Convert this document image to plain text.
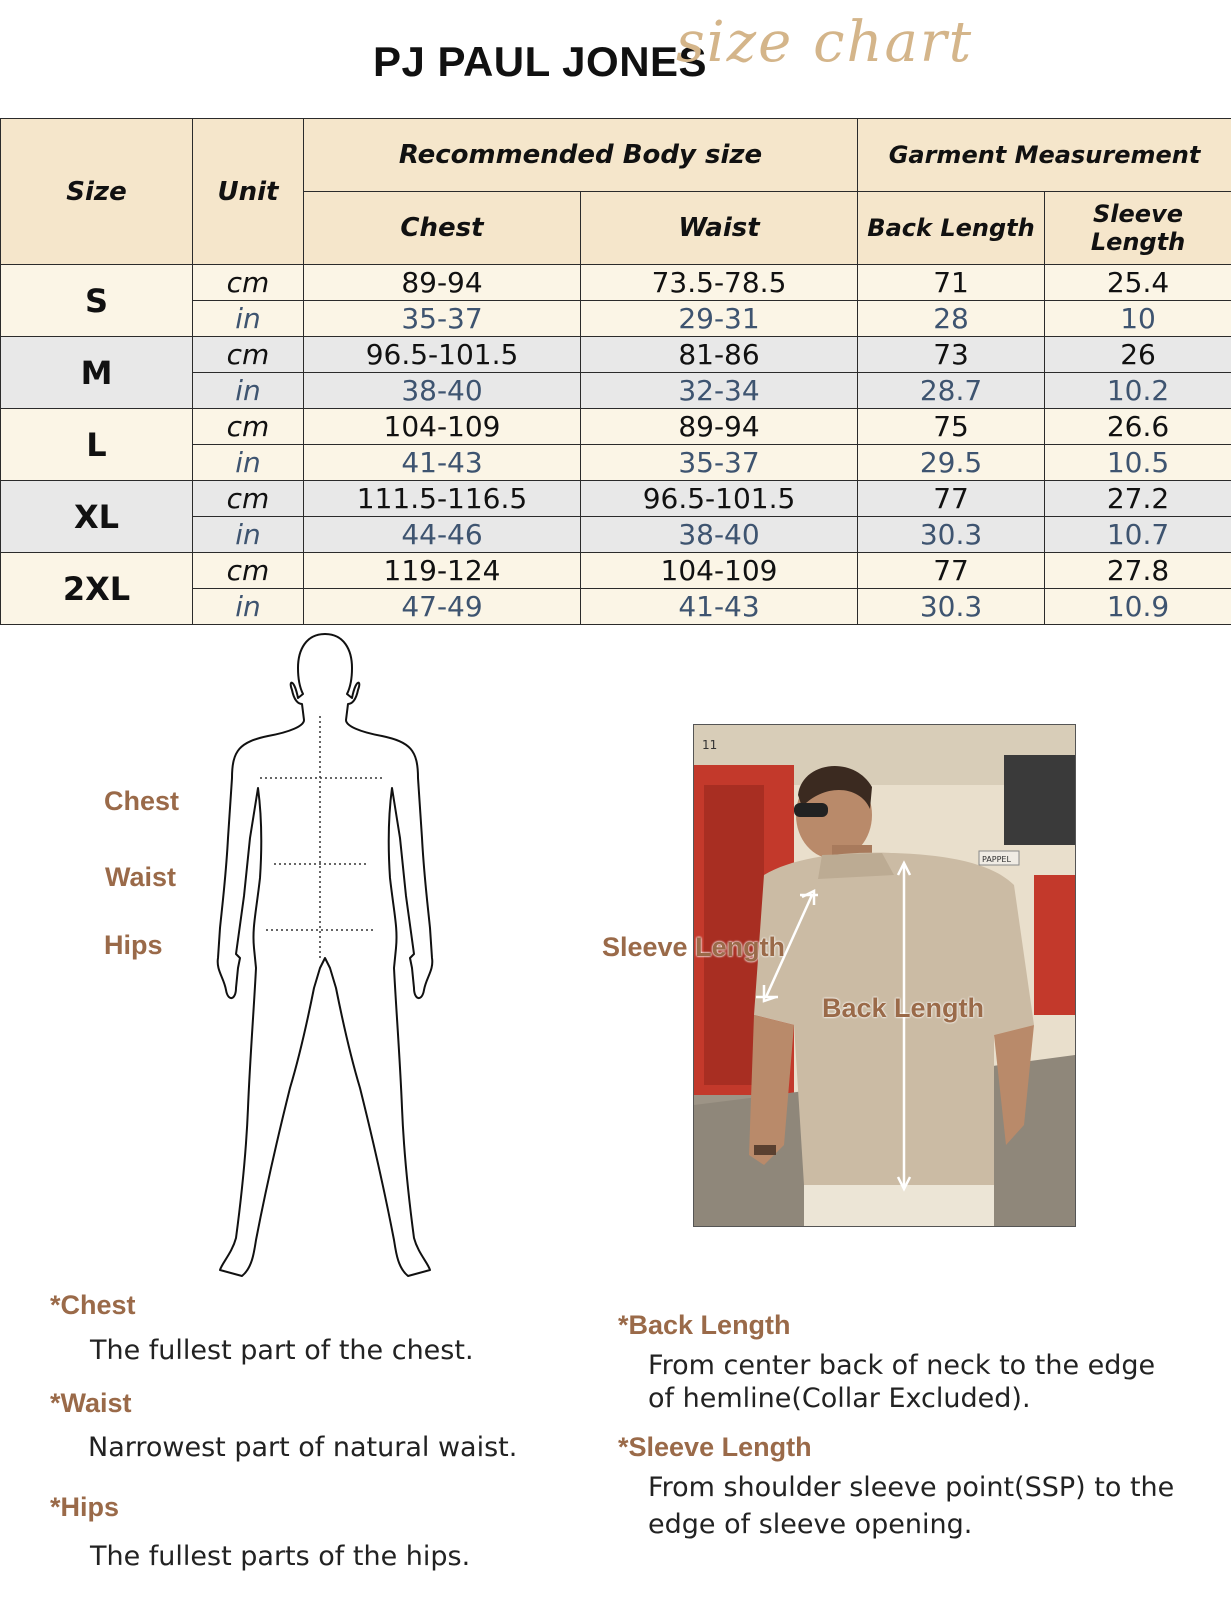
PJ PAUL JONES
size chart
Size	Unit	Recommended Body size		Garment Measurement	
		Chest	Waist	Back Length	Sleeve Length
S	cm	89-94	73.5-78.5	71	25.4
	in	35-37	29-31	28	10
M	cm	96.5-101.5	81-86	73	26
	in	38-40	32-34	28.7	10.2
L	cm	104-109	89-94	75	26.6
	in	41-43	35-37	29.5	10.5
XL	cm	111.5-116.5	96.5-101.5	77	27.2
	in	44-46	38-40	30.3	10.7
2XL	cm	119-124	104-109	77	27.8
	in	47-49	41-43	30.3	10.9
Chest
Waist
Hips
11
PAPPEL
Sleeve Length
Back Length
*Chest
The fullest part of the chest.
*Waist
Narrowest part of natural waist.
*Hips
The fullest parts of the hips.
*Back Length
From center back of neck to the edge
of hemline(Collar Excluded).
*Sleeve Length
From shoulder sleeve point(SSP) to the
edge of sleeve opening.
